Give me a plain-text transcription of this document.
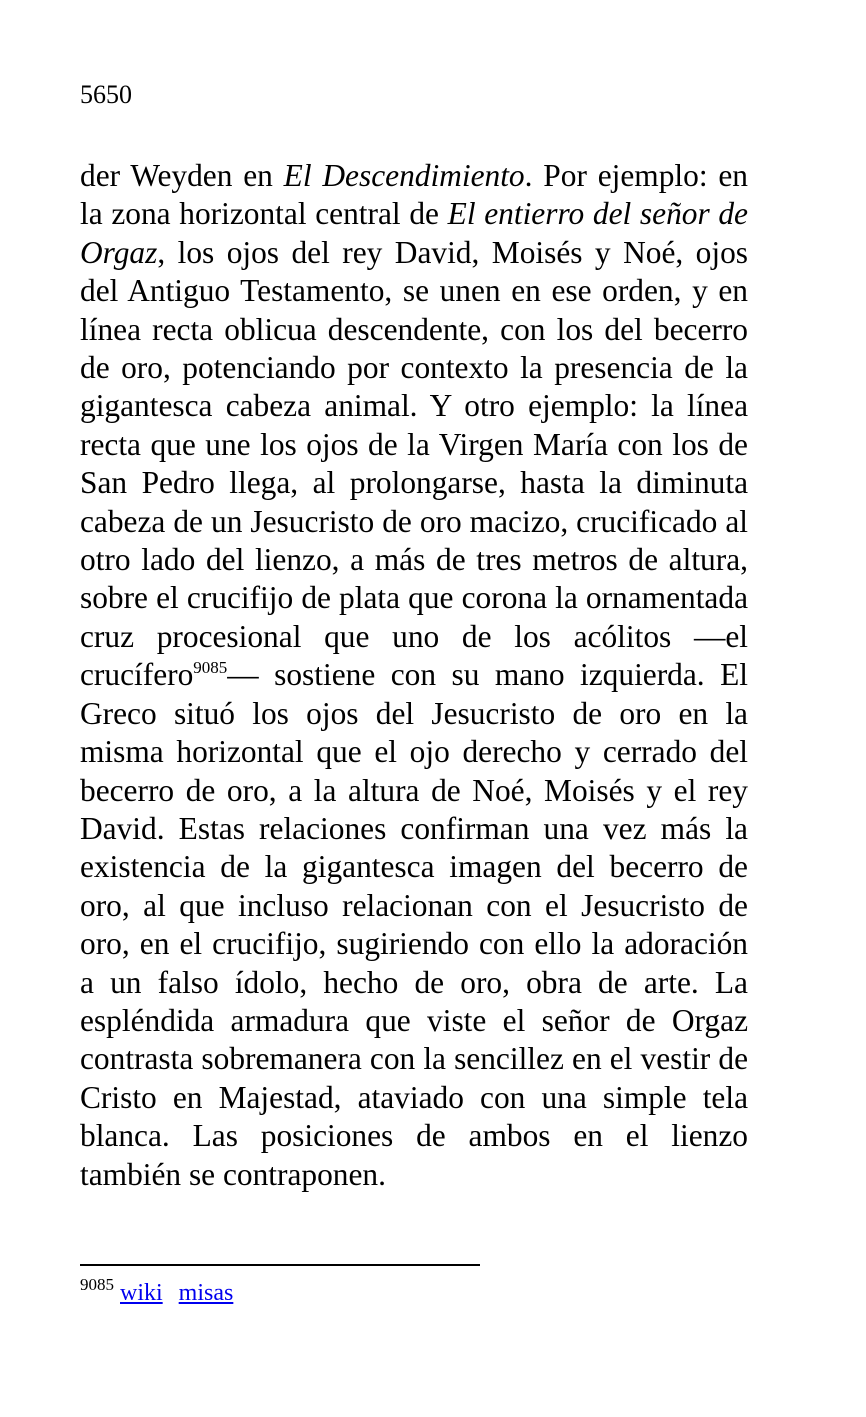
5650

der Weyden en El Descendimiento. Por ejemplo: en la zona horizontal central de El entierro del señor de Orgaz, los ojos del rey David, Moisés y Noé, ojos del Antiguo Testamento, se unen en ese orden, y en línea recta oblicua descendente, con los del becerro de oro, potenciando por contexto la presencia de la gigantesca cabeza animal. Y otro ejemplo: la línea recta que une los ojos de la Virgen María con los de San Pedro llega, al prolongarse, hasta la diminuta cabeza de un Jesucristo de oro macizo, crucificado al otro lado del lienzo, a más de tres metros de altura, sobre el crucifijo de plata que corona la ornamentada cruz procesional que uno de los acólitos —el crucífero$^{9085}$— sostiene con su mano izquierda. El Greco situó los ojos del Jesucristo de oro en la misma horizontal que el ojo derecho y cerrado del becerro de oro, a la altura de Noé, Moisés y el rey David. Estas relaciones confirman una vez más la existencia de la gigantesca imagen del becerro de oro, al que incluso relacionan con el Jesucristo de oro, en el crucifijo, sugiriendo con ello la adoración a un falso ídolo, hecho de oro, obra de arte. La espléndida armadura que viste el señor de Orgaz contrasta sobremanera con la sencillez en el vestir de Cristo en Majestad, ataviado con una simple tela blanca. Las posiciones de ambos en el lienzo también se contraponen.

$^{9085}$ wiki misas
